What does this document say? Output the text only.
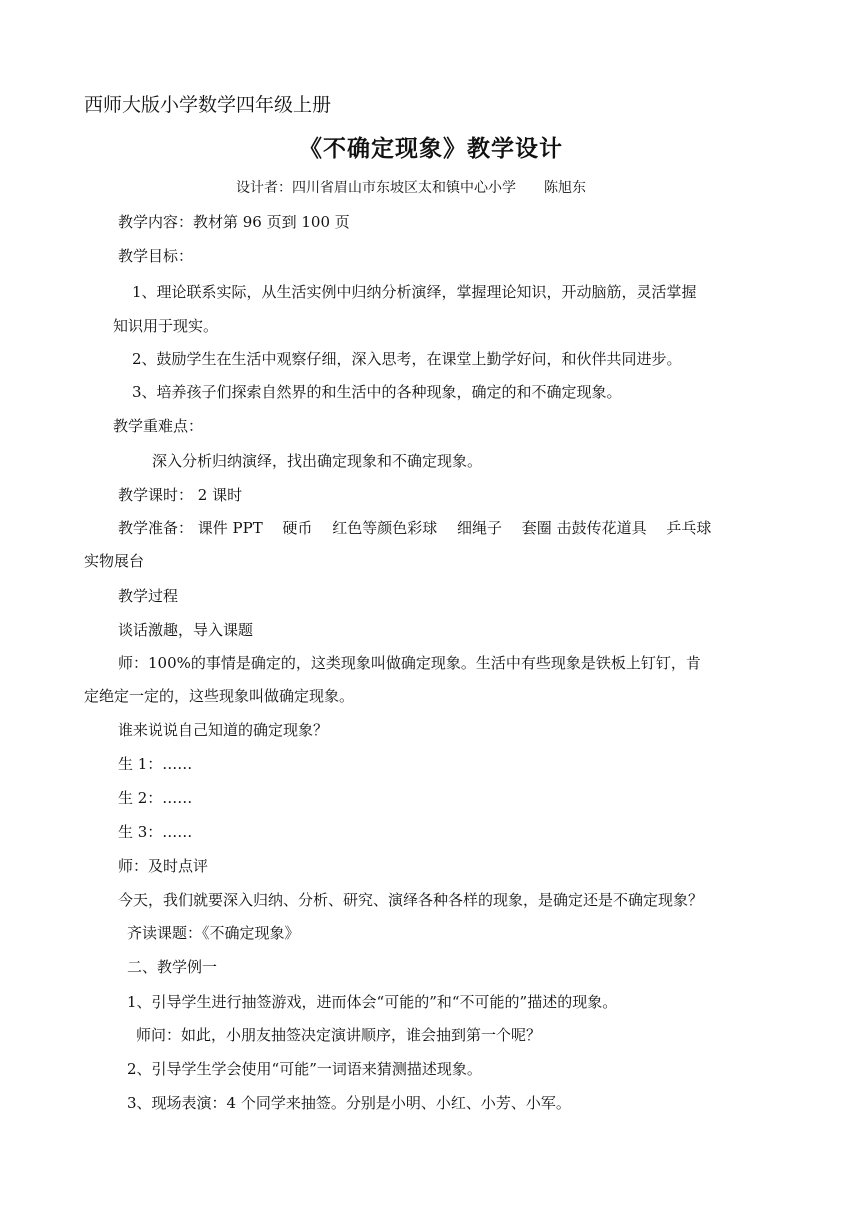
西师大版小学数学四年级上册
《不确定现象》教学设计
设计者：四川省眉山市东坡区太和镇中心小学　　陈旭东
教学内容：教材第 96 页到 100 页
教学目标：
1、理论联系实际，从生活实例中归纳分析演绎，掌握理论知识，开动脑筋，灵活掌握
知识用于现实。
2、鼓励学生在生活中观察仔细，深入思考，在课堂上勤学好问，和伙伴共同进步。
3、培养孩子们探索自然界的和生活中的各种现象，确定的和不确定现象。
教学重难点：
深入分析归纳演绎，找出确定现象和不确定现象。
教学课时： 2 课时
教学准备： 课件 PPT　 硬币　 红色等颜色彩球　 细绳子　 套圈 击鼓传花道具　 乒乓球
实物展台
教学过程
谈话激趣，导入课题
师：100%的事情是确定的，这类现象叫做确定现象。生活中有些现象是铁板上钉钉，肯
定绝定一定的，这些现象叫做确定现象。
谁来说说自己知道的确定现象？
生 1：……
生 2：……
生 3：……
师：及时点评
今天，我们就要深入归纳、分析、研究、演绎各种各样的现象，是确定还是不确定现象？
齐读课题：《不确定现象》
二、教学例一
1、引导学生进行抽签游戏，进而体会“可能的”和“不可能的”描述的现象。
师问：如此，小朋友抽签决定演讲顺序，谁会抽到第一个呢？
2、引导学生学会使用“可能”一词语来猜测描述现象。
3、现场表演：4 个同学来抽签。分别是小明、小红、小芳、小军。
